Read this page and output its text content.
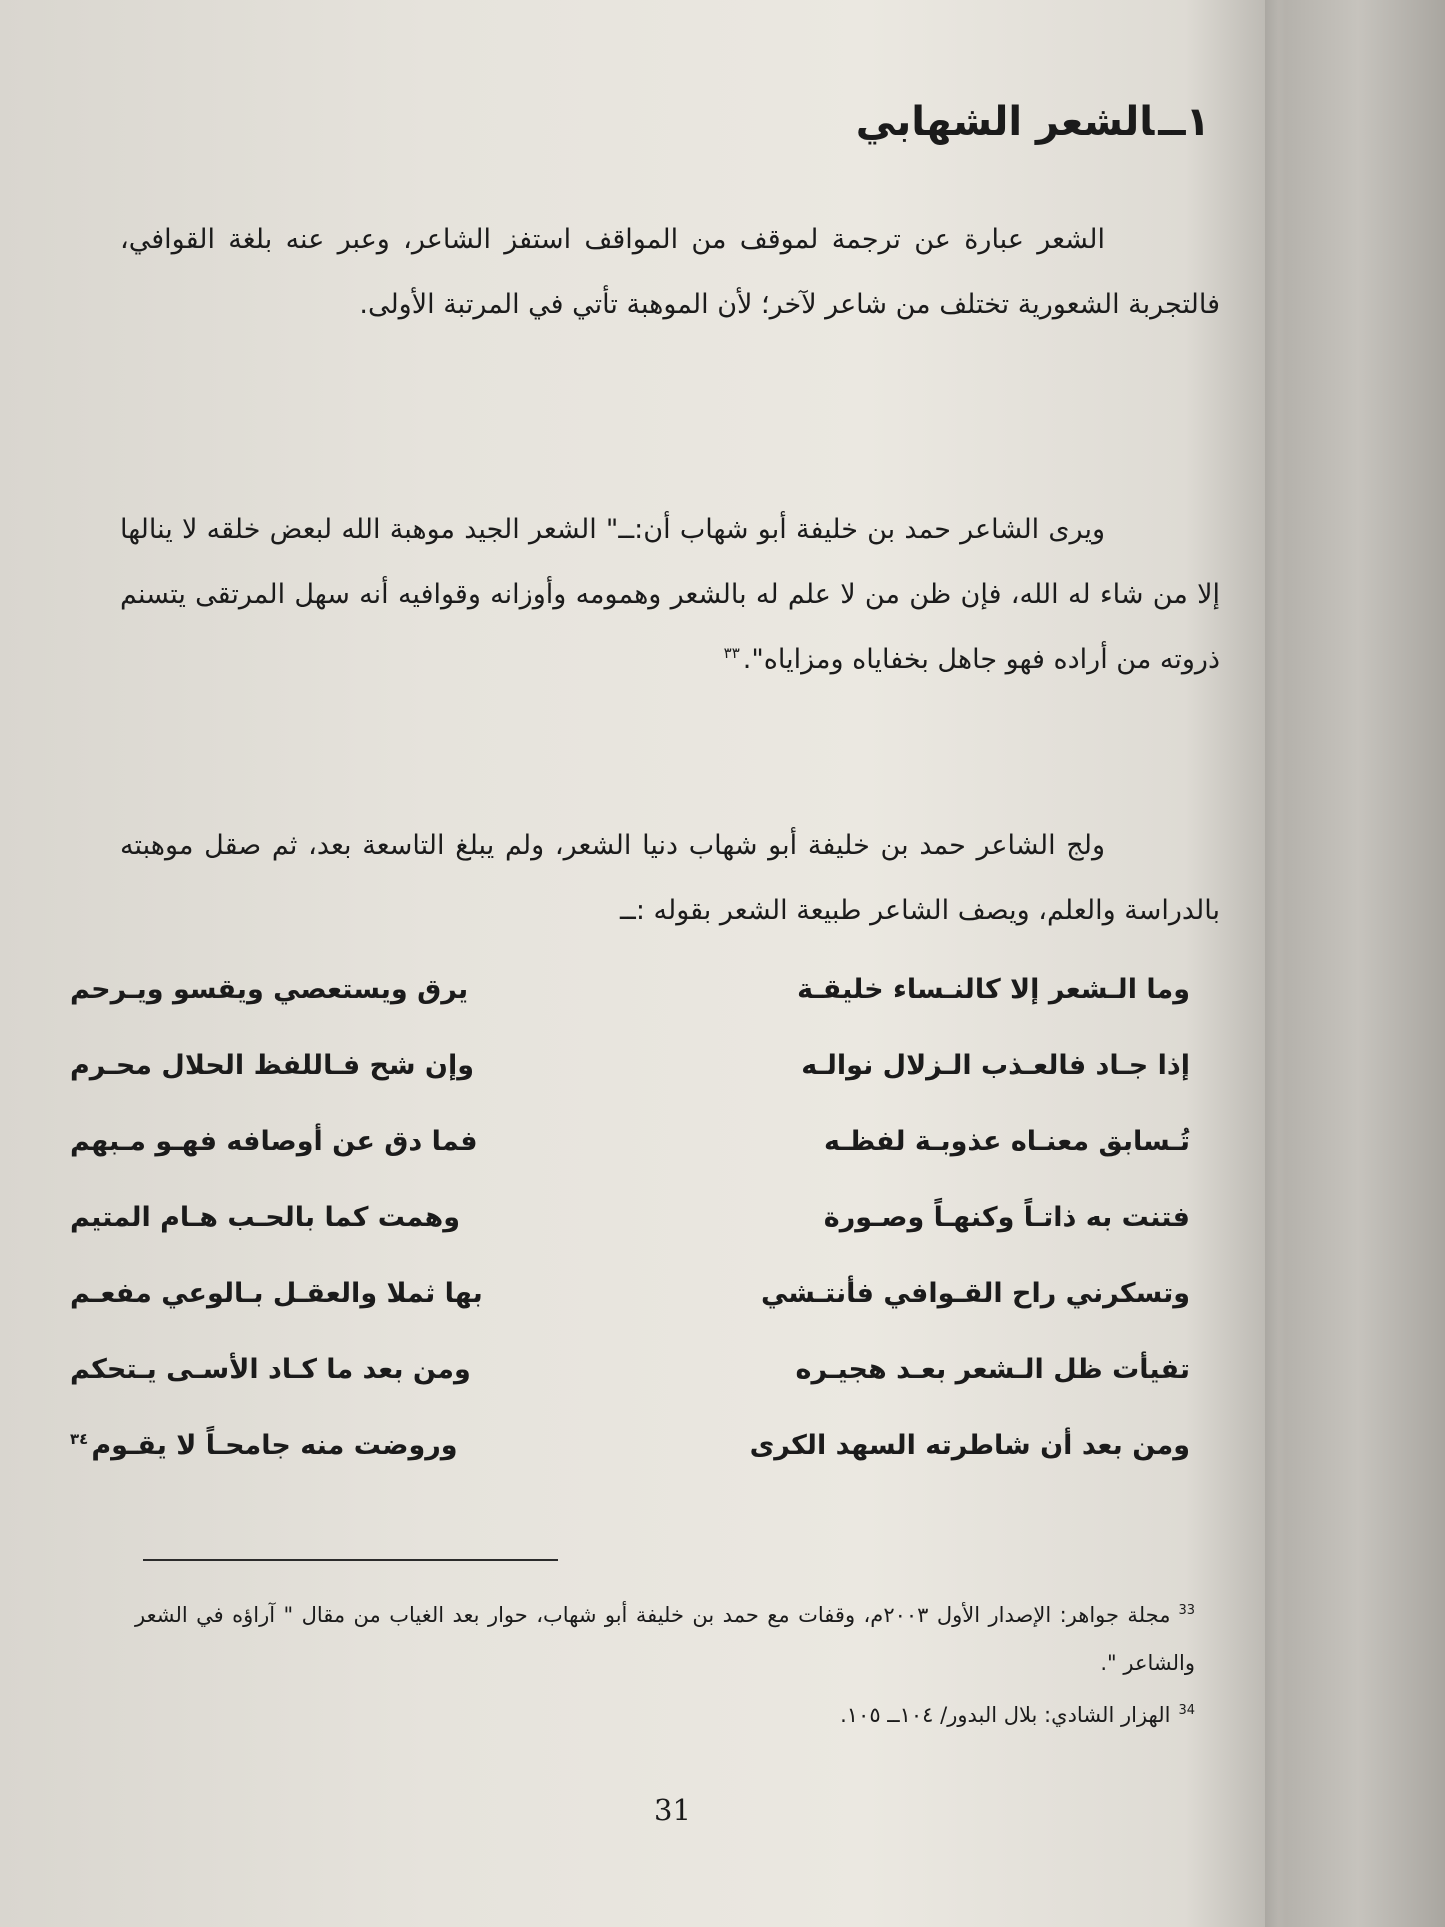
١ــالشعر الشهابي

الشعر عبارة عن ترجمة لموقف من المواقف استفز الشاعر، وعبر عنه بلغة القوافي، فالتجربة الشعورية تختلف من شاعر لآخر؛ لأن الموهبة تأتي في المرتبة الأولى.

ويرى الشاعر حمد بن خليفة أبو شهاب أن:ــ" الشعر الجيد موهبة الله لبعض خلقه لا ينالها إلا من شاء له الله، فإن ظن من لا علم له بالشعر وهمومه وأوزانه وقوافيه أنه سهل المرتقى يتسنم ذروته من أراده فهو جاهل بخفاياه ومزاياه".$^{٣٣}$

ولج الشاعر حمد بن خليفة أبو شهاب دنيا الشعر، ولم يبلغ التاسعة بعد، ثم صقل موهبته بالدراسة والعلم، ويصف الشاعر طبيعة الشعر بقوله :ــ

وما الـشعر إلا كالنـساء خليقـة
يرق ويستعصي ويقسو ويـرحم
إذا جـاد فالعـذب الـزلال نوالـه
وإن شح فـاللفظ الحلال محـرم
تُـسابق معنـاه عذوبـة لفظـه
فما دق عن أوصافه فهـو مـبهم
فتنت به ذاتـاً وكنهـاً وصـورة
وهمت كما بالحـب هـام المتيم
وتسكرني راح القـوافي فأنتـشي
بها ثملا والعقـل بـالوعي مفعـم
تفيأت ظل الـشعر بعـد هجيـره
ومن بعد ما كـاد الأسـى يـتحكم
ومن بعد أن شاطرته السهد الكرى
وروضت منه جامحـاً لا يقـوم$^{٣٤}$

$^{33}$مجلة جواهر: الإصدار الأول ٢٠٠٣م، وقفات مع حمد بن خليفة أبو شهاب، حوار بعد الغياب من مقال " آراؤه في الشعر والشاعر ".

$^{34}$الهزار الشادي: بلال البدور/ ١٠٤ــ ١٠٥.

31
